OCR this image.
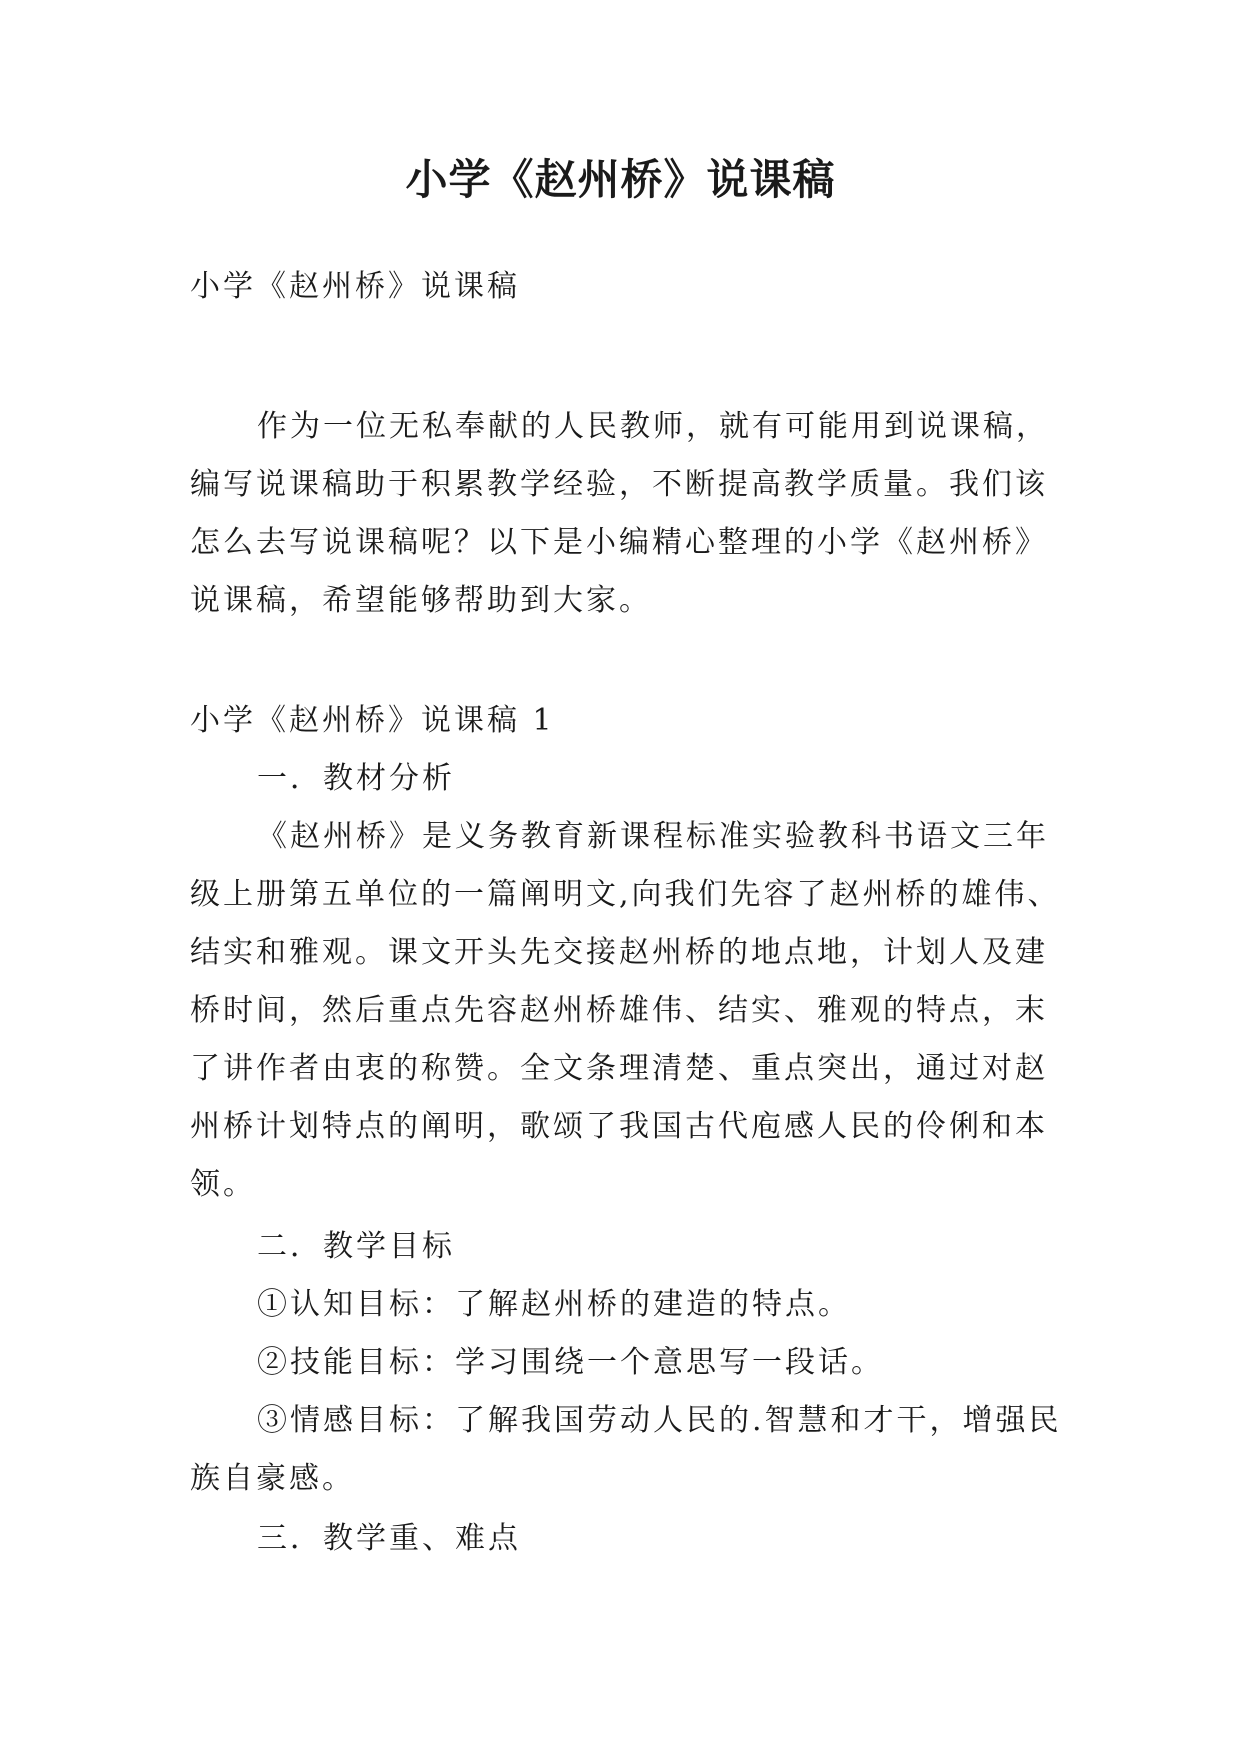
小学《赵州桥》说课稿

小学《赵州桥》说课稿

作为一位无私奉献的人民教师，就有可能用到说课稿，编写说课稿助于积累教学经验，不断提高教学质量。我们该怎么去写说课稿呢？以下是小编精心整理的小学《赵州桥》说课稿，希望能够帮助到大家。

小学《赵州桥》说课稿 1

一．教材分析

《赵州桥》是义务教育新课程标准实验教科书语文三年级上册第五单位的一篇阐明文,向我们先容了赵州桥的雄伟、结实和雅观。课文开头先交接赵州桥的地点地，计划人及建桥时间，然后重点先容赵州桥雄伟、结实、雅观的特点，末了讲作者由衷的称赞。全文条理清楚、重点突出，通过对赵州桥计划特点的阐明，歌颂了我国古代庖感人民的伶俐和本领。

二．教学目标

①认知目标：了解赵州桥的建造的特点。

②技能目标：学习围绕一个意思写一段话。

③情感目标：了解我国劳动人民的.智慧和才干，增强民族自豪感。

三．教学重、难点
